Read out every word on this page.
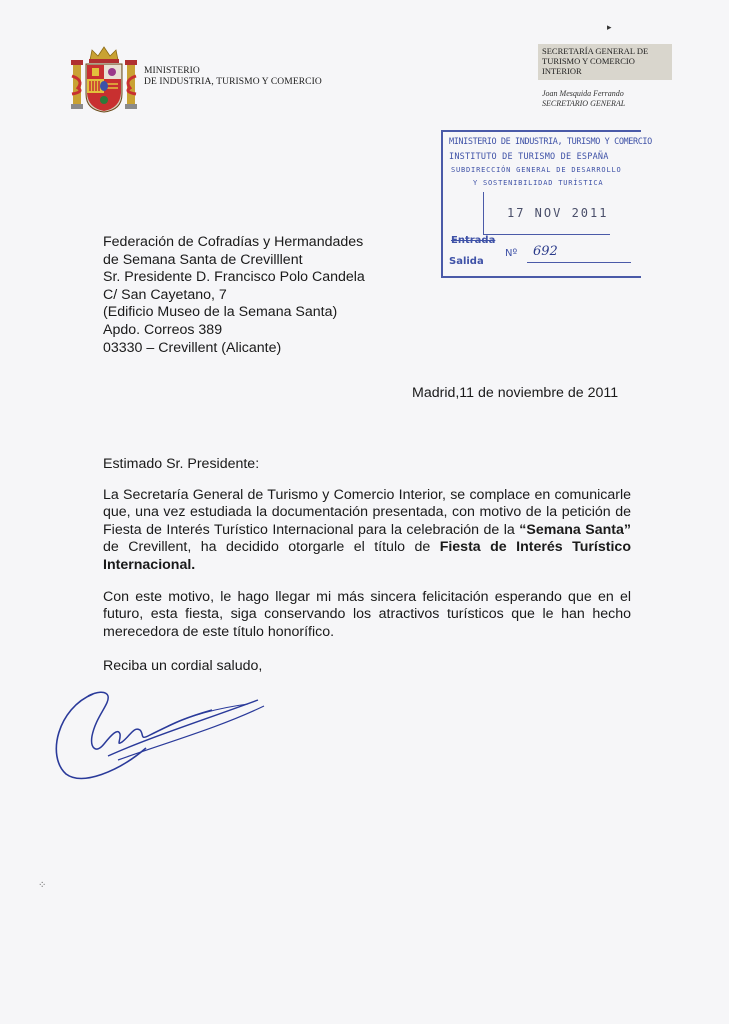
MINISTERIO
DE INDUSTRIA, TURISMO Y COMERCIO
▸
SECRETARÍA GENERAL DE
TURISMO Y COMERCIO
INTERIOR
Joan Mesquida Ferrando
SECRETARIO GENERAL
MINISTERIO DE INDUSTRIA, TURISMO Y COMERCIO
INSTITUTO DE TURISMO DE ESPAÑA
SUBDIRECCIÓN GENERAL DE DESARROLLO
Y SOSTENIBILIDAD TURÍSTICA
17 NOV 2011
Entrada
Salida
Nº 692
Federación de Cofradías y Hermandades
de Semana Santa de Crevilllent
Sr. Presidente D. Francisco Polo Candela
C/ San Cayetano, 7
(Edificio Museo de la Semana Santa)
Apdo. Correos 389
03330 – Crevillent (Alicante)
Madrid,11 de noviembre de 2011
Estimado Sr. Presidente:
La Secretaría General de Turismo y Comercio Interior, se complace en comunicarle que, una vez estudiada la documentación presentada, con motivo de la petición de Fiesta de Interés Turístico Internacional para la celebración de la “Semana Santa” de Crevillent, ha decidido otorgarle el título de Fiesta de Interés Turístico Internacional.
Con este motivo, le hago llegar mi más sincera felicitación esperando que en el futuro, esta fiesta, siga conservando los atractivos turísticos que le han hecho merecedora de este título honorífico.
Reciba un cordial saludo,
⁘
